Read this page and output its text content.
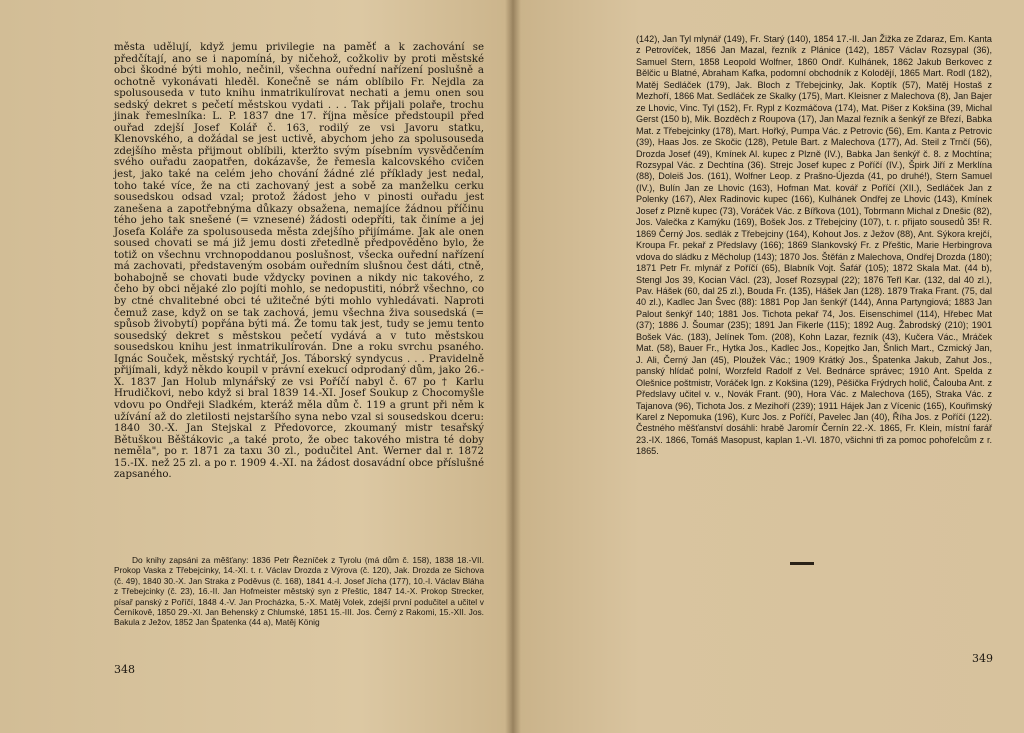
města udělují, když jemu privilegie na paměť a k zachování se předčítají, ano se i napomíná, by ničehož, cožkoliv by proti městské obci škodné býti mohlo, nečinil, všechna ouřední nařízení poslušně a ochotně vykonávati hleděl. Konečně se nám oblíbilo Fr. Nejdla za spolusouseda v tuto knihu inmatrikulírovat nechati a jemu onen sou sedský dekret s pečetí městskou vydati . . . Tak přijali polaře, trochu jinak řemeslníka: L. P. 1837 dne 17. října měsíce předstoupil před ouřad zdejší Josef Kolář č. 163, rodilý ze vsi Javoru statku, Klenovského, a dožádal se jest uctivě, abychom jeho za spolusouseda zdejšího města přijmout oblíbili, kteržto svým písebním vysvědčením svého ouřadu zaopatřen, dokázavše, že řemesla kalcovského cvičen jest, jako také na celém jeho chování žádné zlé příklady jest nedal, toho také více, že na cti zachovaný jest a sobě za manželku cerku sousedskou odsad vzal; protož žádost jeho v pinosti ouřadu jest zanešena a zapotřebnýma důkazy obsažena, nemajíce žádnou příčinu tého jeho tak snešené (= vznesené) žádosti odepříti, tak činíme a jej Josefa Koláře za spolusouseda města zdejšího přijímáme. Jak ale onen soused chovati se má již jemu dosti zřetedlně předpověděno bylo, že totiž on všechnu vrchnopoddanou poslušnost, všecka ouřední nařízení má zachovati, představeným osobám ouředním slušnou čest dáti, ctně, bohabojně se chovati bude vždycky povinen a nikdy nic takového, z čeho by obci nějaké zlo pojíti mohlo, se nedopustiti, nóbrž všechno, co by ctné chvalitebné obci té užitečné býti mohlo vyhledávati. Naproti čemuž zase, když on se tak zachová, jemu všechna živa sousedská (= spůsob živobytí) popřána býti má. Že tomu tak jest, tudy se jemu tento sousedský dekret s městskou pečetí vydává a v tuto městskou sousedskou knihu jest inmatrikulírován. Dne a roku svrchu psaného. Ignác Souček, městský rychtář, Jos. Táborský syndycus . . . Pravidelně přijímali, když někdo koupil v právní exekucí odprodaný dům, jako 26.-X. 1837 Jan Holub mlynářský ze vsi Poříčí nabyl č. 67 po † Karlu Hrudičkovi, nebo když si bral 1839 14.-XI. Josef Soukup z Chocomyšle vdovu po Ondřeji Sladkém, kteráž měla dům č. 119 a grunt při něm k užívání až do zletilosti nejstaršího syna nebo vzal si sousedskou dceru: 1840 30.-X. Jan Stejskal z Předovorce, zkoumaný mistr tesařský Bětuškou Běštákovic „a také proto, že obec takového mistra té doby neměla", po r. 1871 za taxu 30 zl., podučitel Ant. Werner dal r. 1872 15.-IX. než 25 zl. a po r. 1909 4.-XI. na žádost dosavádní obce příslušné zapsaného.

Do knihy zapsáni za měšťany: 1836 Petr Řezníček z Tyrolu (má dům č. 158), 1838 18.-VII. Prokop Vaska z Třebejcinky, 14.-XI. t. r. Václav Drozda z Výrova (č. 120), Jak. Drozda ze Sichova (č. 49), 1840 30.-X. Jan Straka z Poděvus (č. 168), 1841 4.-I. Josef Jícha (177), 10.-I. Václav Bláha z Třebejcinky (č. 23), 16.-II. Jan Hofmeister městský syn z Přeštic, 1847 14.-X. Prokop Strecker, písař panský z Poříčí, 1848 4.-V. Jan Procházka, 5.-X. Matěj Volek, zdejší první podučitel a učitel v Černíkově, 1850 29.-XI. Jan Behenský z Chlumské, 1851 15.-III. Jos. Černý z Rakomi, 15.-XII. Jos. Bakula z Ježov, 1852 Jan Špatenka (44 a), Matěj König

348

(142), Jan Tyl mlynář (149), Fr. Starý (140), 1854 17.-II. Jan Žižka ze Zdaraz, Em. Kanta z Petrovíček, 1856 Jan Mazal, řezník z Plánice (142), 1857 Václav Rozsypal (36), Samuel Stern, 1858 Leopold Wolfner, 1860 Ondř. Kulhánek, 1862 Jakub Berkovec z Bělčic u Blatné, Abraham Kafka, podomní obchodník z Kolodějí, 1865 Mart. Rodl (182), Matěj Sedláček (179), Jak. Bloch z Třebejcinky, Jak. Koptík (57), Matěj Hostaš z Mezhoří, 1866 Mat. Sedláček ze Skalky (175), Mart. Kleisner z Malechova (8), Jan Bajer ze Lhovic, Vinc. Tyl (152), Fr. Rypl z Kozmáčova (174), Mat. Pišer z Kokšina (39, Michal Gerst (150 b), Mik. Bozděch z Roupova (17), Jan Mazal řezník a šenkýř ze Březí, Babka Mat. z Třebejcinky (178), Mart. Hořký, Pumpa Vác. z Petrovic (56), Em. Kanta z Petrovic (39), Haas Jos. ze Skočic (128), Petule Bart. z Malechova (177), Ad. Steil z Trnčí (56), Drozda Josef (49), Kmínek Al. kupec z Plzně (IV.), Babka Jan šenkýř č. 8. z Mochtína; Rozsypal Vác. z Dechtína (36). Strejc Josef kupec z Poříčí (IV.), Špirk Jiří z Merklína (88), Doleiš Jos. (161), Wolfner Leop. z Prašno-Újezda (41, po druhé!), Stern Samuel (IV.), Bulín Jan ze Lhovic (163), Hofman Mat. kovář z Poříčí (XII.), Sedláček Jan z Polenky (167), Alex Radinovic kupec (166), Kulhánek Ondřej ze Lhovic (143), Kmínek Josef z Plzně kupec (73), Voráček Vác. z Bířkova (101), Tobrmann Michal z Dnešic (82), Jos. Valečka z Kamýku (169), Bošek Jos. z Třebejciny (107), t. r. přijato sousedů 35! R. 1869 Černý Jos. sedlák z Třebejciny (164), Kohout Jos. z Ježov (88), Ant. Sýkora krejčí, Kroupa Fr. pekař z Předslavy (166); 1869 Slankovský Fr. z Přeštic, Marie Herbingrova vdova do sládku z Měcholup (143); 1870 Jos. Štěfán z Malechova, Ondřej Drozda (180); 1871 Petr Fr. mlynář z Poříčí (65), Blabník Vojt. Šafář (105); 1872 Skala Mat. (44 b), Stengl Jos 39, Kocian Václ. (23), Josef Rozsypal (22); 1876 Teřl Kar. (132, dal 40 zl.), Pav. Hášek (60, dal 25 zl.), Bouda Fr. (135), Hášek Jan (128). 1879 Traka Frant. (75, dal 40 zl.), Kadlec Jan Švec (88): 1881 Pop Jan šenkýř (144), Anna Partyngiová; 1883 Jan Palout šenkýř 140; 1881 Jos. Tichota pekař 74, Jos. Eisenschimel (114), Hřebec Mat (37); 1886 J. Šoumar (235); 1891 Jan Fikerle (115); 1892 Aug. Žabrodský (210); 1901 Bošek Vác. (183), Jelínek Tom. (208), Kohn Lazar, řezník (43), Kučera Vác., Mráček Mat. (58), Bauer Fr., Hytka Jos., Kadlec Jos., Kopejtko Jan, Šnlich Mart., Czmický Jan, J. Ali, Černý Jan (45), Ploužek Vác.; 1909 Krátký Jos., Špatenka Jakub, Zahut Jos., panský hlídač polní, Worzfeld Radolf z Vel. Bednárce správec; 1910 Ant. Spelda z Olešnice poštmistr, Voráček Ign. z Kokšina (129), Pěšička Frýdrych holič, Čalouba Ant. z Předslavy učitel v. v., Novák Frant. (90), Hora Vác. z Malechova (165), Straka Vác. z Tajanova (96), Tichota Jos. z Mezihoří (239); 1911 Hájek Jan z Vícenic (165), Kouřimský Karel z Nepomuka (196), Kurc Jos. z Poříčí, Pavelec Jan (40), Říha Jos. z Poříčí (122). Čestného měšťanství dosáhli: hrabě Jaromír Černín 22.-X. 1865, Fr. Klein, místní farář 23.-IX. 1866, Tomáš Masopust, kaplan 1.-VI. 1870, všichni tři za pomoc pohořelcům z r. 1865.

349
